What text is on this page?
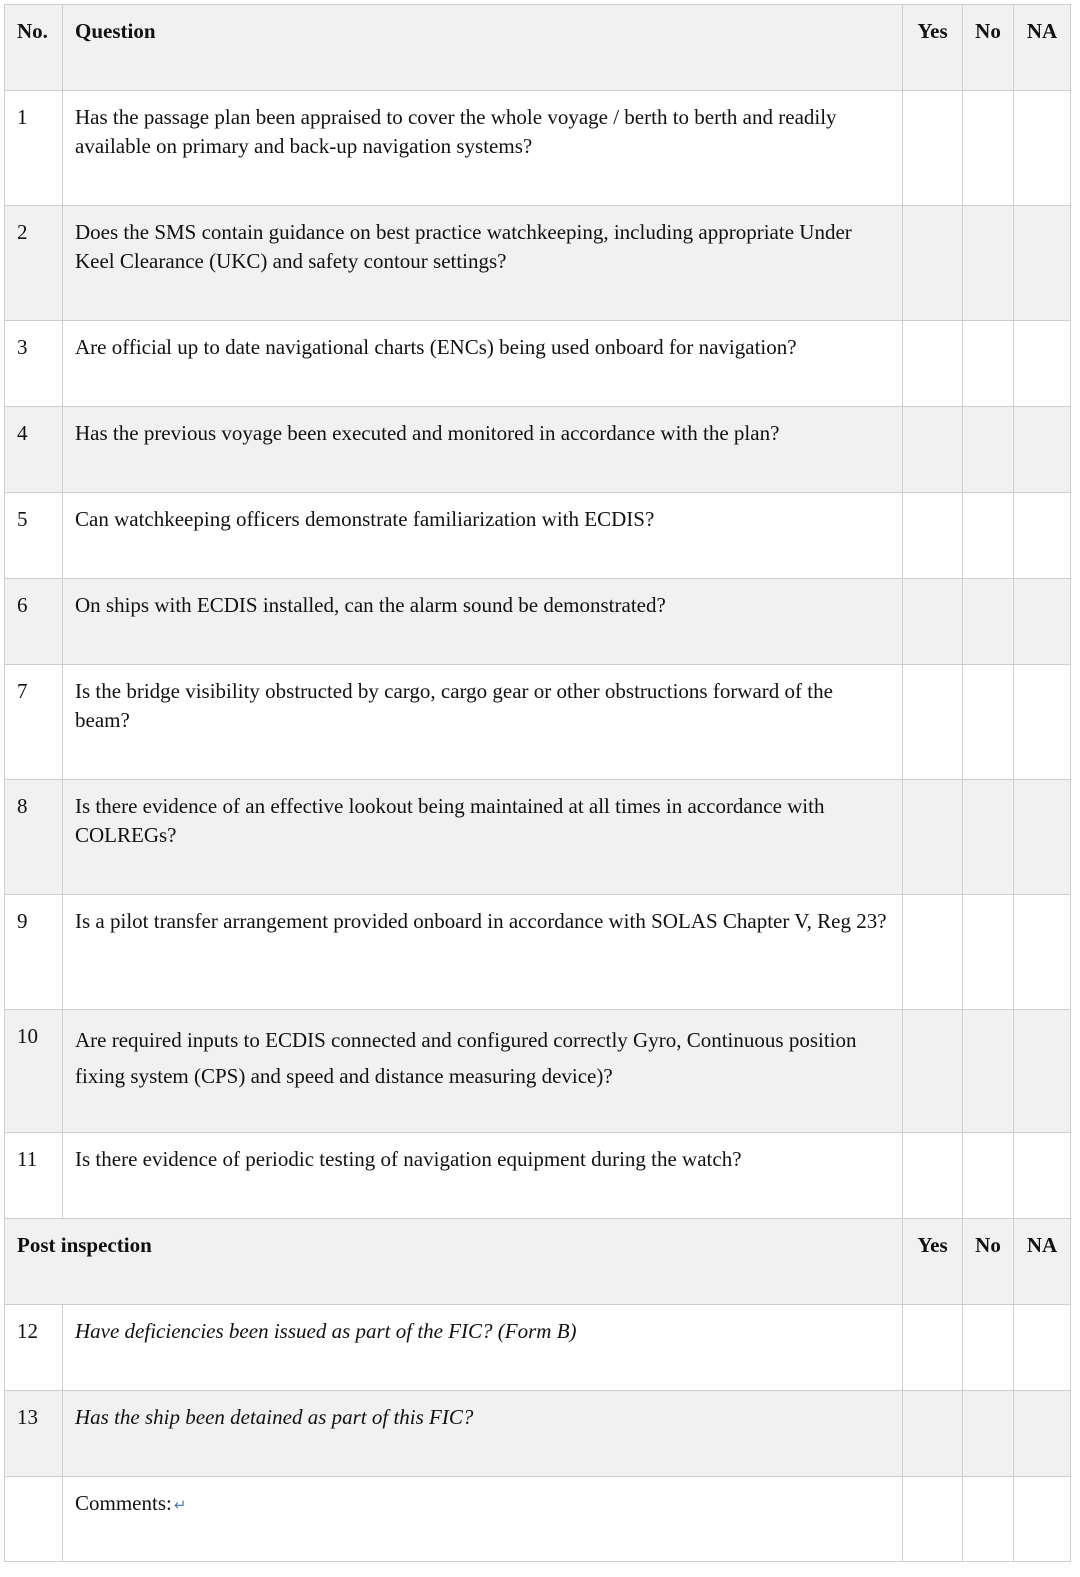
No.	Question	Yes	No	NA
1	Has the passage plan been appraised to cover the whole voyage / berth to berth and readily available on primary and back-up navigation systems?			
2	Does the SMS contain guidance on best practice watchkeeping, including appropriate Under Keel Clearance (UKC) and safety contour settings?			
3	Are official up to date navigational charts (ENCs) being used onboard for navigation?			
4	Has the previous voyage been executed and monitored in accordance with the plan?			
5	Can watchkeeping officers demonstrate familiarization with ECDIS?			
6	On ships with ECDIS installed, can the alarm sound be demonstrated?			
7	Is the bridge visibility obstructed by cargo, cargo gear or other obstructions forward of the beam?			
8	Is there evidence of an effective lookout being maintained at all times in accordance with COLREGs?			
9	Is a pilot transfer arrangement provided onboard in accordance with SOLAS Chapter V, Reg 23?			
10	Are required inputs to ECDIS connected and configured correctly Gyro, Continuous position fixing system (CPS) and speed and distance measuring device)?			
11	Is there evidence of periodic testing of navigation equipment during the watch?			
Post inspection		Yes	No	NA
12	Have deficiencies been issued as part of the FIC? (Form B)			
13	Has the ship been detained as part of this FIC?			
	Comments: ↵			
